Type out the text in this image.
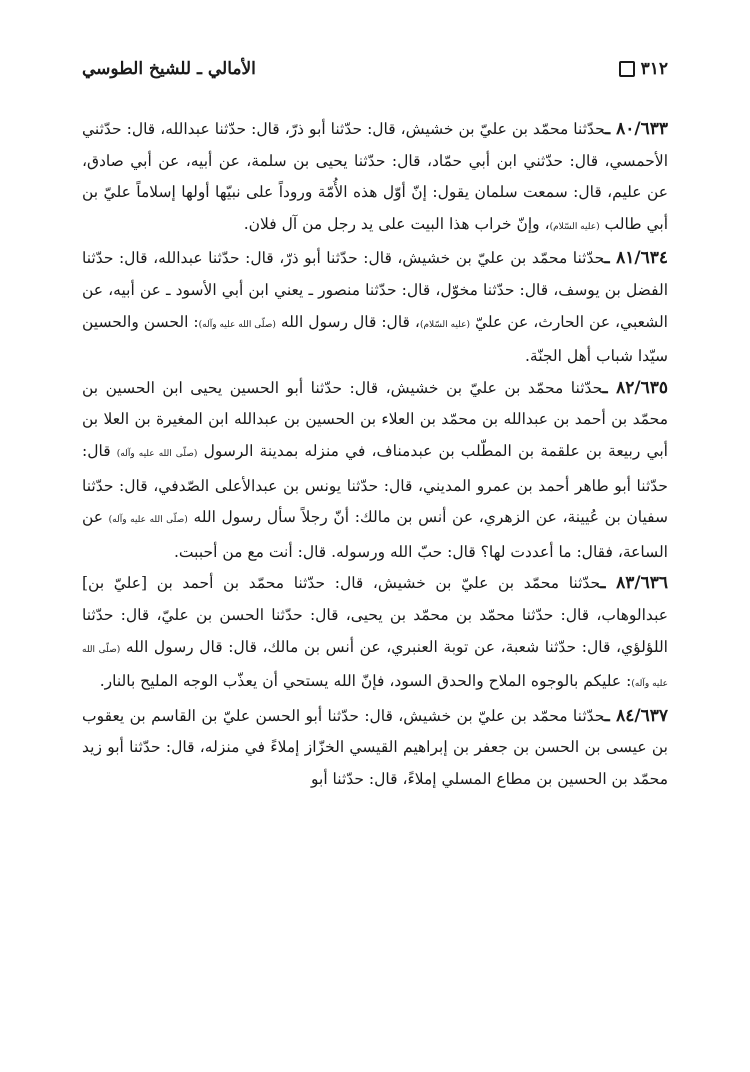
٣١٢
الأمالي ـ للشيخ الطوسي

٨٠/٦٣٣ ـحدّثنا محمّد بن عليّ بن خشيش، قال: حدّثنا أبو ذرّ، قال: حدّثنا عبدالله، قال: حدّثني الأحمسي، قال: حدّثني ابن أبي حمّاد، قال: حدّثنا يحيى بن سلمة، عن أبيه، عن أبي صادق، عن عليم، قال: سمعت سلمان يقول: إنّ أوّل هذه الأُمّة وروداً على نبيّها أولها إسلاماً عليّ بن أبي طالب (عليه السّلام)، وإنّ خراب هذا البيت على يد رجل من آل فلان.

٨١/٦٣٤ ـحدّثنا محمّد بن عليّ بن خشيش، قال: حدّثنا أبو ذرّ، قال: حدّثنا عبدالله، قال: حدّثنا الفضل بن يوسف، قال: حدّثنا مخوّل، قال: حدّثنا منصور ـ يعني ابن أبي الأسود ـ عن أبيه، عن الشعبي، عن الحارث، عن عليّ (عليه السّلام)، قال: قال رسول الله (صلّى الله عليه وآله): الحسن والحسين سيّدا شباب أهل الجنّة.

٨٢/٦٣٥ ـحدّثنا محمّد بن عليّ بن خشيش، قال: حدّثنا أبو الحسين يحيى ابن الحسين بن محمّد بن أحمد بن عبدالله بن محمّد بن العلاء بن الحسين بن عبدالله ابن المغيرة بن العلا بن أبي ربيعة بن علقمة بن المطّلب بن عبدمناف، في منزله بمدينة الرسول (صلّى الله عليه وآله) قال: حدّثنا أبو طاهر أحمد بن عمرو المديني، قال: حدّثنا يونس بن عبدالأعلى الصّدفي، قال: حدّثنا سفيان بن عُيينة، عن الزهري، عن أنس بن مالك: أنّ رجلاً سأل رسول الله (صلّى الله عليه وآله) عن الساعة، فقال: ما أعددت لها؟ قال: حبّ الله ورسوله. قال: أنت مع من أحببت.

٨٣/٦٣٦ ـحدّثنا محمّد بن عليّ بن خشيش، قال: حدّثنا محمّد بن أحمد بن [عليّ بن] عبدالوهاب، قال: حدّثنا محمّد بن محمّد بن يحيى، قال: حدّثنا الحسن بن عليّ، قال: حدّثنا اللؤلؤي، قال: حدّثنا شعبة، عن توبة العنبري، عن أنس بن مالك، قال: قال رسول الله (صلّى الله عليه وآله): عليكم بالوجوه الملاح والحدق السود، فإنّ الله يستحي أن يعذّب الوجه المليح بالنار.

٨٤/٦٣٧ ـحدّثنا محمّد بن عليّ بن خشيش، قال: حدّثنا أبو الحسن عليّ بن القاسم بن يعقوب بن عيسى بن الحسن بن جعفر بن إبراهيم القيسي الخزّاز إملاءً في منزله، قال: حدّثنا أبو زيد محمّد بن الحسين بن مطاع المسلي إملاءً، قال: حدّثنا أبو
